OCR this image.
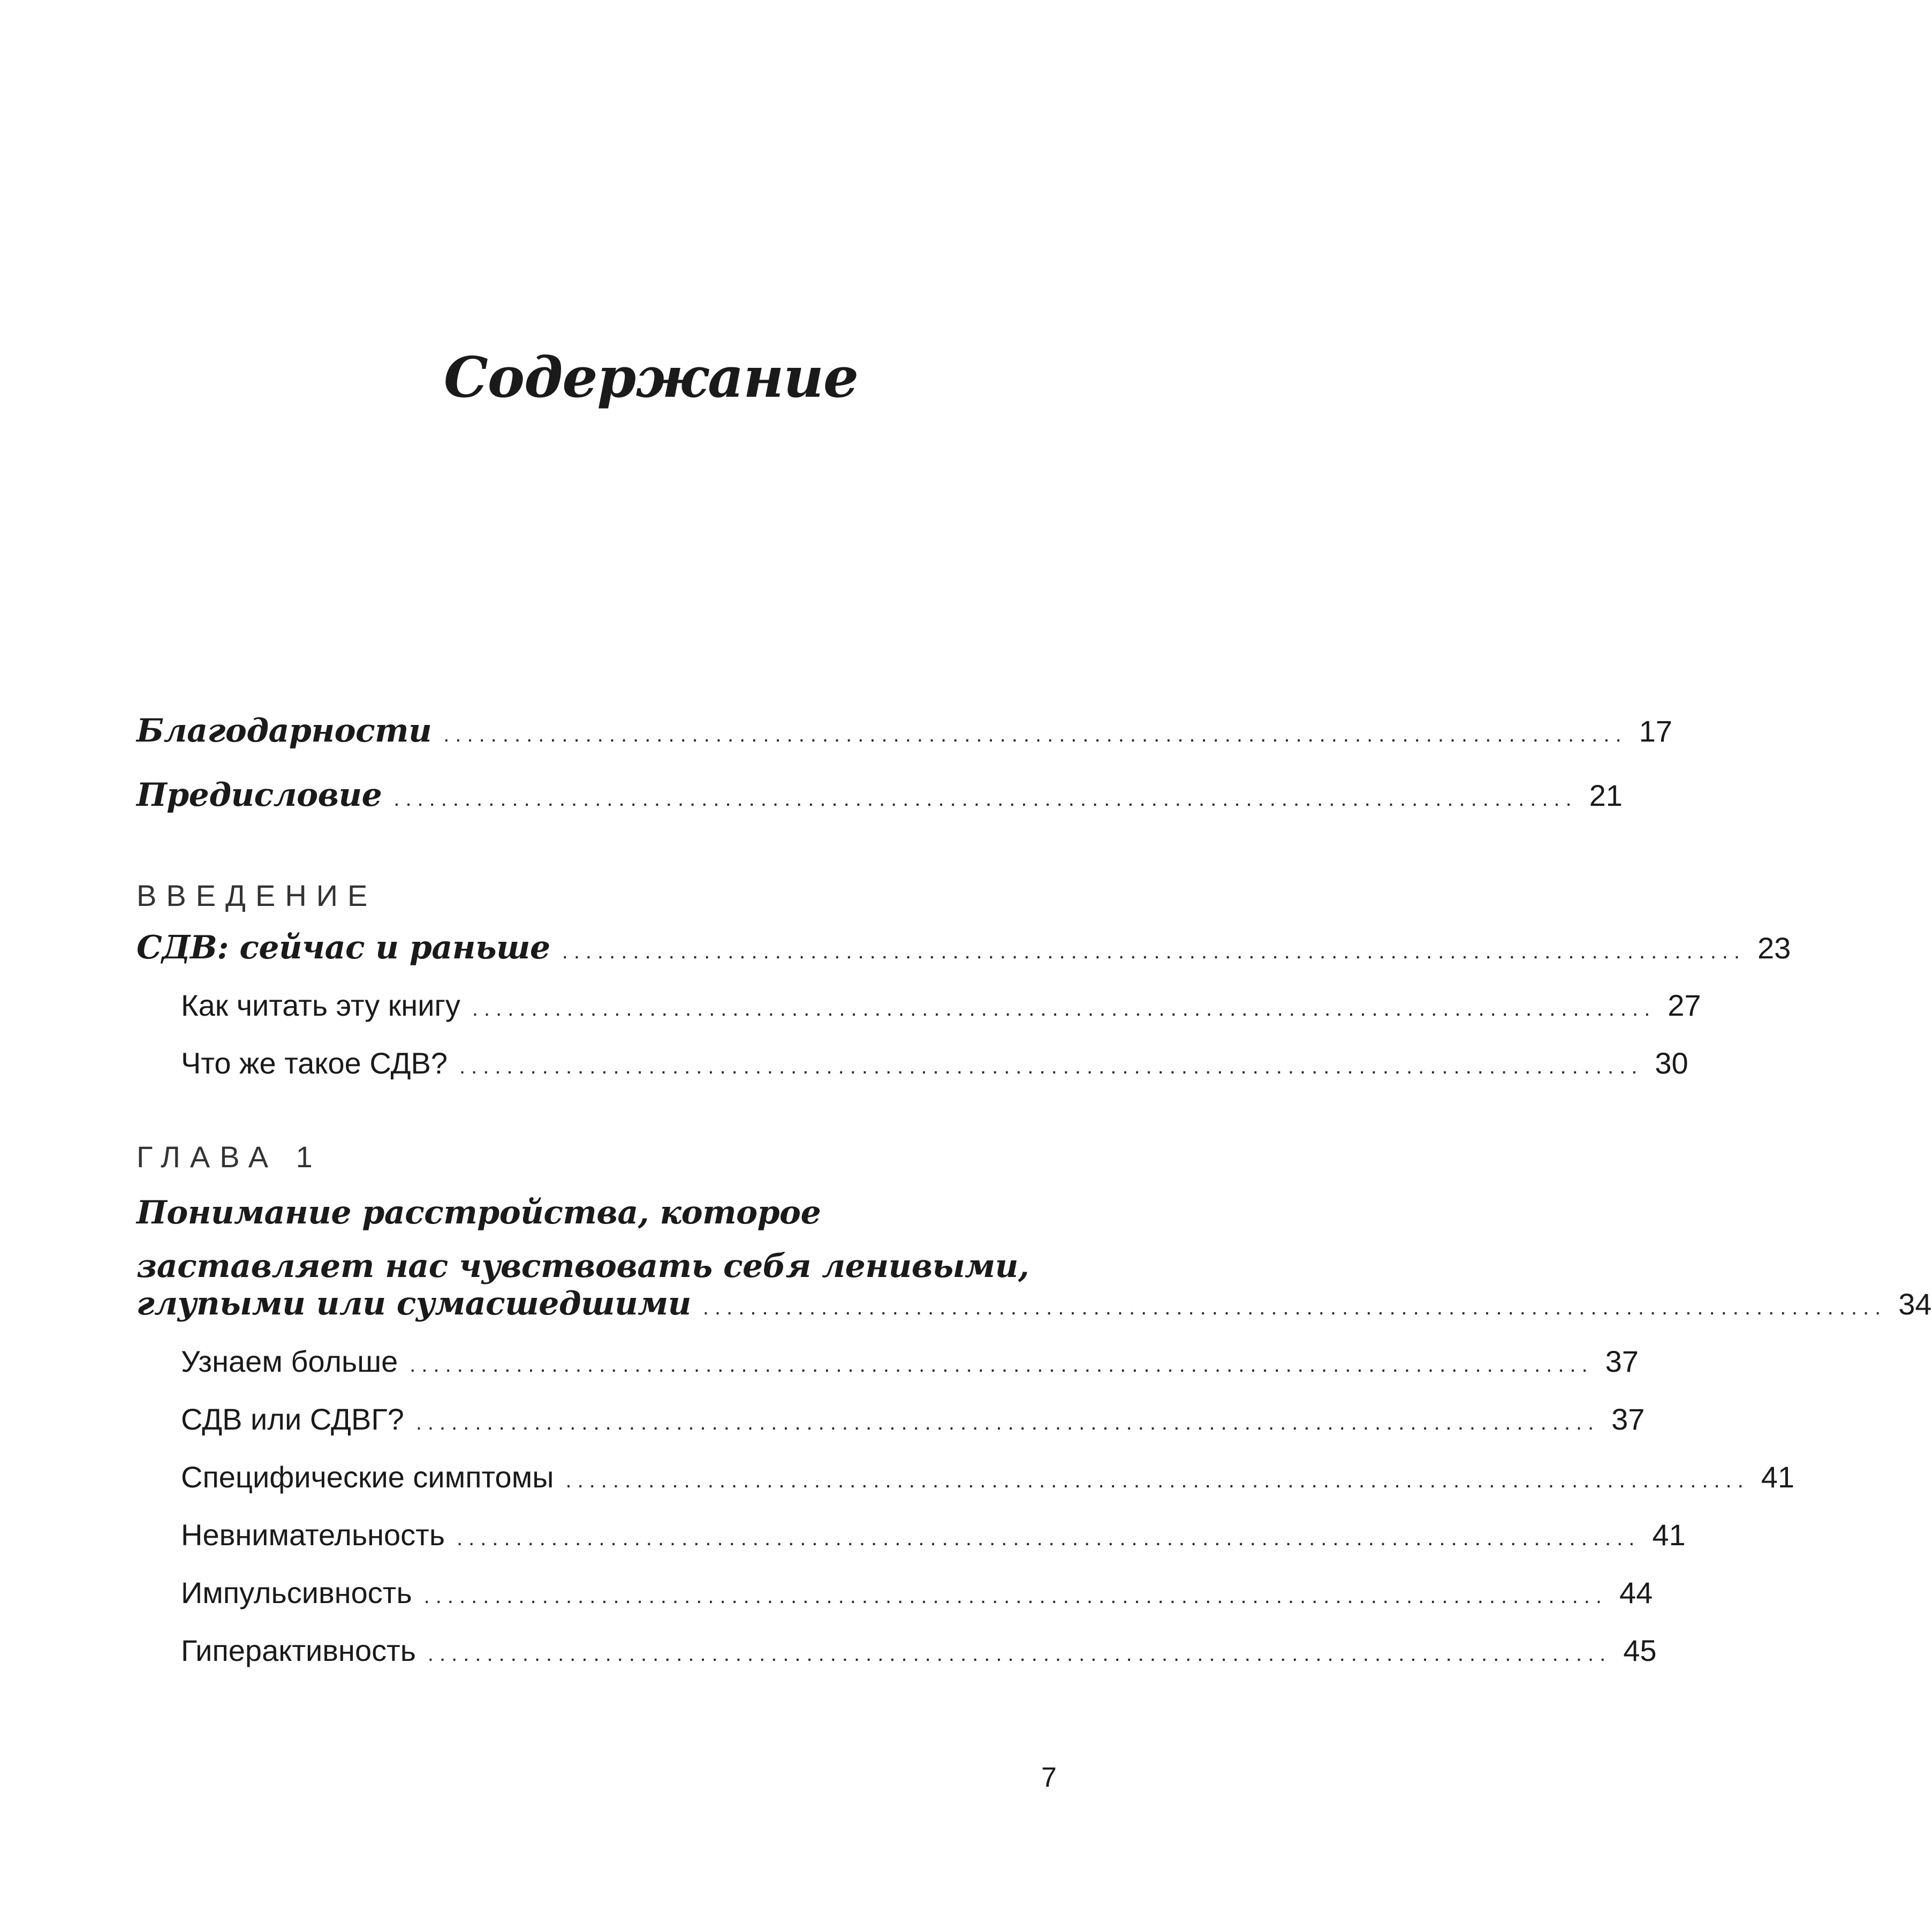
Содержание
Благодарности .................................................................................................... 17
Предисловие .................................................................................................... 21
ВВЕДЕНИЕ
СДВ: сейчас и раньше .................................................................................................... 23
Как читать эту книгу .................................................................................................... 27
Что же такое СДВ? .................................................................................................... 30
ГЛАВА 1
Понимание расстройства, которое
заставляет нас чувствовать себя ленивыми,
глупыми или сумасшедшими .................................................................................................... 34
Узнаем больше .................................................................................................... 37
СДВ или СДВГ? .................................................................................................... 37
Специфические симптомы .................................................................................................... 41
Невнимательность .................................................................................................... 41
Импульсивность .................................................................................................... 44
Гиперактивность .................................................................................................... 45
7
